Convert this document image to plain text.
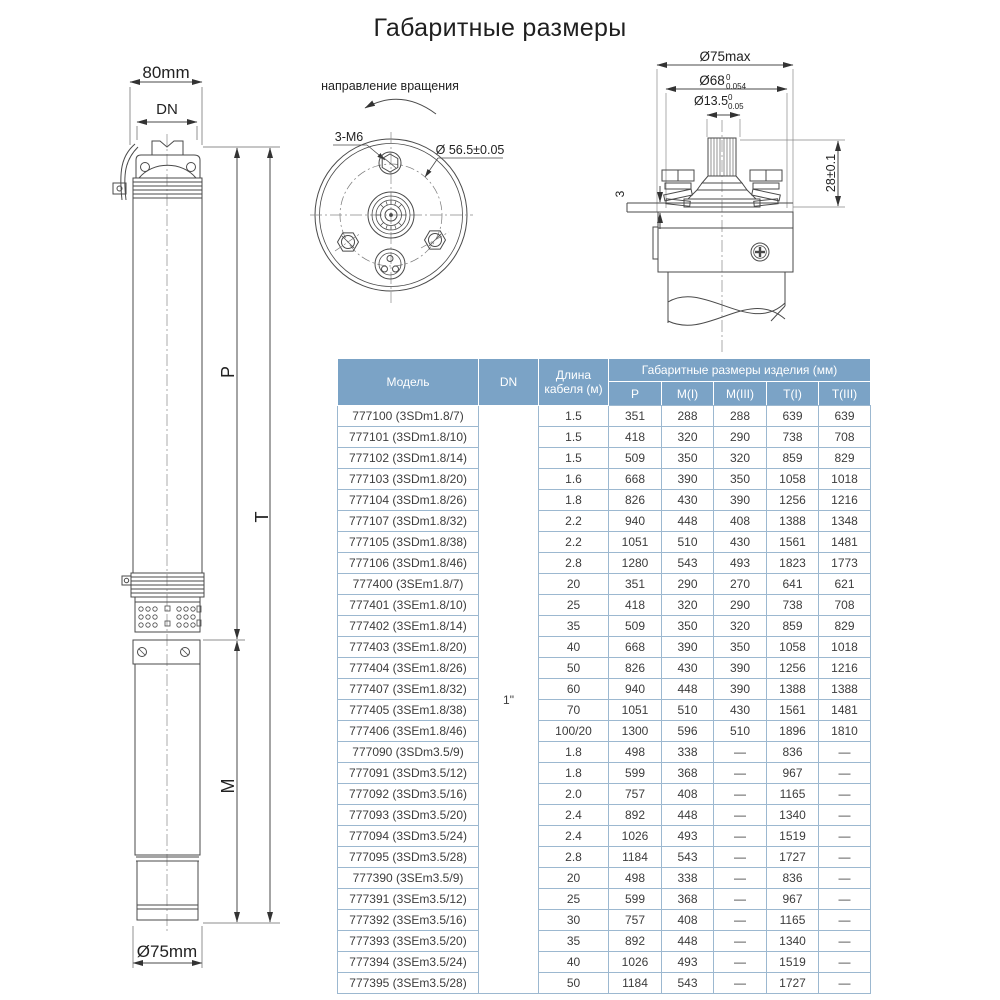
Габаритные размеры
80mm
DN
P
T
M
Ø75mm
направление вращения
3-M6
Ø 56.5±0.05
Ø75max
Ø68 0
0.054
Ø13.5 0
0.05
28±0.1
3
Модель	DN	Длина кабеля (м)	Габаритные размеры изделия (мм)				
			P	M(I)	M(III)	T(I)	T(III)
777100 (3SDm1.8/7)	1"	1.5	351	288	288	639	639
777101 (3SDm1.8/10)		1.5	418	320	290	738	708
777102 (3SDm1.8/14)		1.5	509	350	320	859	829
777103 (3SDm1.8/20)		1.6	668	390	350	1058	1018
777104 (3SDm1.8/26)		1.8	826	430	390	1256	1216
777107 (3SDm1.8/32)		2.2	940	448	408	1388	1348
777105 (3SDm1.8/38)		2.2	1051	510	430	1561	1481
777106 (3SDm1.8/46)		2.8	1280	543	493	1823	1773
777400 (3SEm1.8/7)		20	351	290	270	641	621
777401 (3SEm1.8/10)		25	418	320	290	738	708
777402 (3SEm1.8/14)		35	509	350	320	859	829
777403 (3SEm1.8/20)		40	668	390	350	1058	1018
777404 (3SEm1.8/26)		50	826	430	390	1256	1216
777407 (3SEm1.8/32)		60	940	448	390	1388	1388
777405 (3SEm1.8/38)		70	1051	510	430	1561	1481
777406 (3SEm1.8/46)		100/20	1300	596	510	1896	1810
777090 (3SDm3.5/9)		1.8	498	338	—	836	—
777091 (3SDm3.5/12)		1.8	599	368	—	967	—
777092 (3SDm3.5/16)		2.0	757	408	—	1165	—
777093 (3SDm3.5/20)		2.4	892	448	—	1340	—
777094 (3SDm3.5/24)		2.4	1026	493	—	1519	—
777095 (3SDm3.5/28)		2.8	1184	543	—	1727	—
777390 (3SEm3.5/9)		20	498	338	—	836	—
777391 (3SEm3.5/12)		25	599	368	—	967	—
777392 (3SEm3.5/16)		30	757	408	—	1165	—
777393 (3SEm3.5/20)		35	892	448	—	1340	—
777394 (3SEm3.5/24)		40	1026	493	—	1519	—
777395 (3SEm3.5/28)		50	1184	543	—	1727	—
